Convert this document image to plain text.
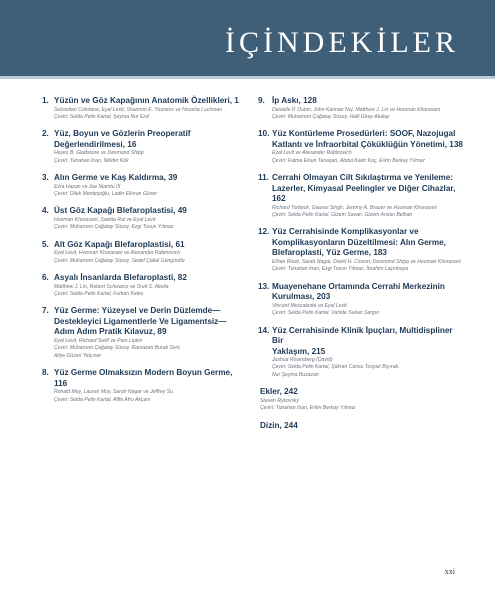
İÇİNDEKİLER
1. Yüzün ve Göz Kapağının Anatomik Özellikleri, 1
Sebastian Cotofana, Eyal Levit, Shannon E. Youness ve Nnosha Luchman
Çeviri: Selda Pelin Kartal, Şeyma Nur Erol
2. Yüz, Boyun ve Gözlerin Preoperatif
Değerlendirilmesi, 16
Hayes B. Gladstone ve Desmond Shipp
Çeviri: Tunahan İnan, Nilüfer Kök
3. Alın Germe ve Kaş Kaldırma, 39
Ezra Hazan ve Joe Niamtu III
Çeviri: Dilek Menteşoğlu, Ladin Elkıran Güner
4. Üst Göz Kapağı Blefaroplastisi, 49
Hooman Khorasani, Swetta Rai ve Eyal Levit
Çeviri: Muharrem Çağatay Süsoy, Ezgi Tosun Yılmaz
5. Alt Göz Kapağı Blefaroplastisi, 61
Eyal Levit, Hooman Khorasani ve Alexander Rabinovich
Çeviri: Muharrem Çağatay Süsoy, Sedef Çakal Güngördür
6. Asyalı İnsanlarda Blefaroplasti, 82
Matthew J. Lin, Robert Schwarcz ve Sruti S. Akella
Çeviri: Selda Pelin Kartal, Furkan Keleş
7. Yüz Germe: Yüzeysel ve Derin Düzlemde—
Destekleyici Ligamentlerle Ve Ligamentsiz—
Adım Adım Pratik Kılavuz, 89
Eyal Levit, Richard Swift ve Pam Lipkin
Çeviri: Muharrem Çağatay Süsoy, Ramazan Burak Sivri,
Aliye Güzen Yalçıner
8. Yüz Germe Olmaksızın Modern Boyun Germe, 116
Ronald Moy, Lauren Moy, Sarah Nagar ve Jeffrey Su
Çeviri: Selda Pelin Kartal, Afife Afru Akçam
9. İp Askı, 128
Danielle P. Dubin, John Kannan Nuj, Matthew J. Lin ve Hooman Khorasani
Çeviri: Muharrem Çağatay Süsoy, Halil Giray Akalay
10. Yüz Kontürleme Prosedürleri: SOOF, Nazojugal
Katlantı ve İnfraorbital Çöküklüğün Yönetimi, 138
Eyal Levit ve Alexander Rabinovich
Çeviri: Fatma Elsun Tanaşan, Abdul Kadir Koç, Erkin Berkay Yılmaz
11. Cerrahi Olmayan Cilt Sıkılaştırma ve Yenileme:
Lazerler, Kimyasal Peelingler ve Diğer Cihazlar,
162
Richard Torbeck, Gaurav Singh, Jeremy A. Brauer ve Hooman Khorasani
Çeviri: Selda Pelin Kartal, Gizem Savan, Gizem Arslan Belhan
12. Yüz Cerrahisinde Komplikasyonlar ve
Komplikasyonların Düzeltilmesi: Alın Germe,
Blefaroplasti, Yüz Germe, 183
Ethan Routt, Sarah Nagar, David H. Ciocon, Desmond Shipp ve Hooman Khorasani
Çeviri: Tunahan İnan, Ezgi Tosun Yılmaz, İbrahim Laçinbaya
13. Muayenehane Ortamında Cerrahi Merkezinin
Kurulması, 203
Vincent Mezzatesta ve Eyal Levit
Çeviri: Selda Pelin Kartal, Vahide Sukan Sargın
14. Yüz Cerrahisinde Klinik İpuçları, Multidispliner Bir
Yaklaşım, 215
Joshua Rosenberg (David)
Çeviri: Selda Pelin Kartal, Şükran Cansu Tosyalı Bıyırak,
Nur Şeyma Bozazan
Ekler, 242
Steven Rykovsky
Çeviri: Tunahan İnan, Erkin Berkay Yılmaz
Dizin, 244
xxi
